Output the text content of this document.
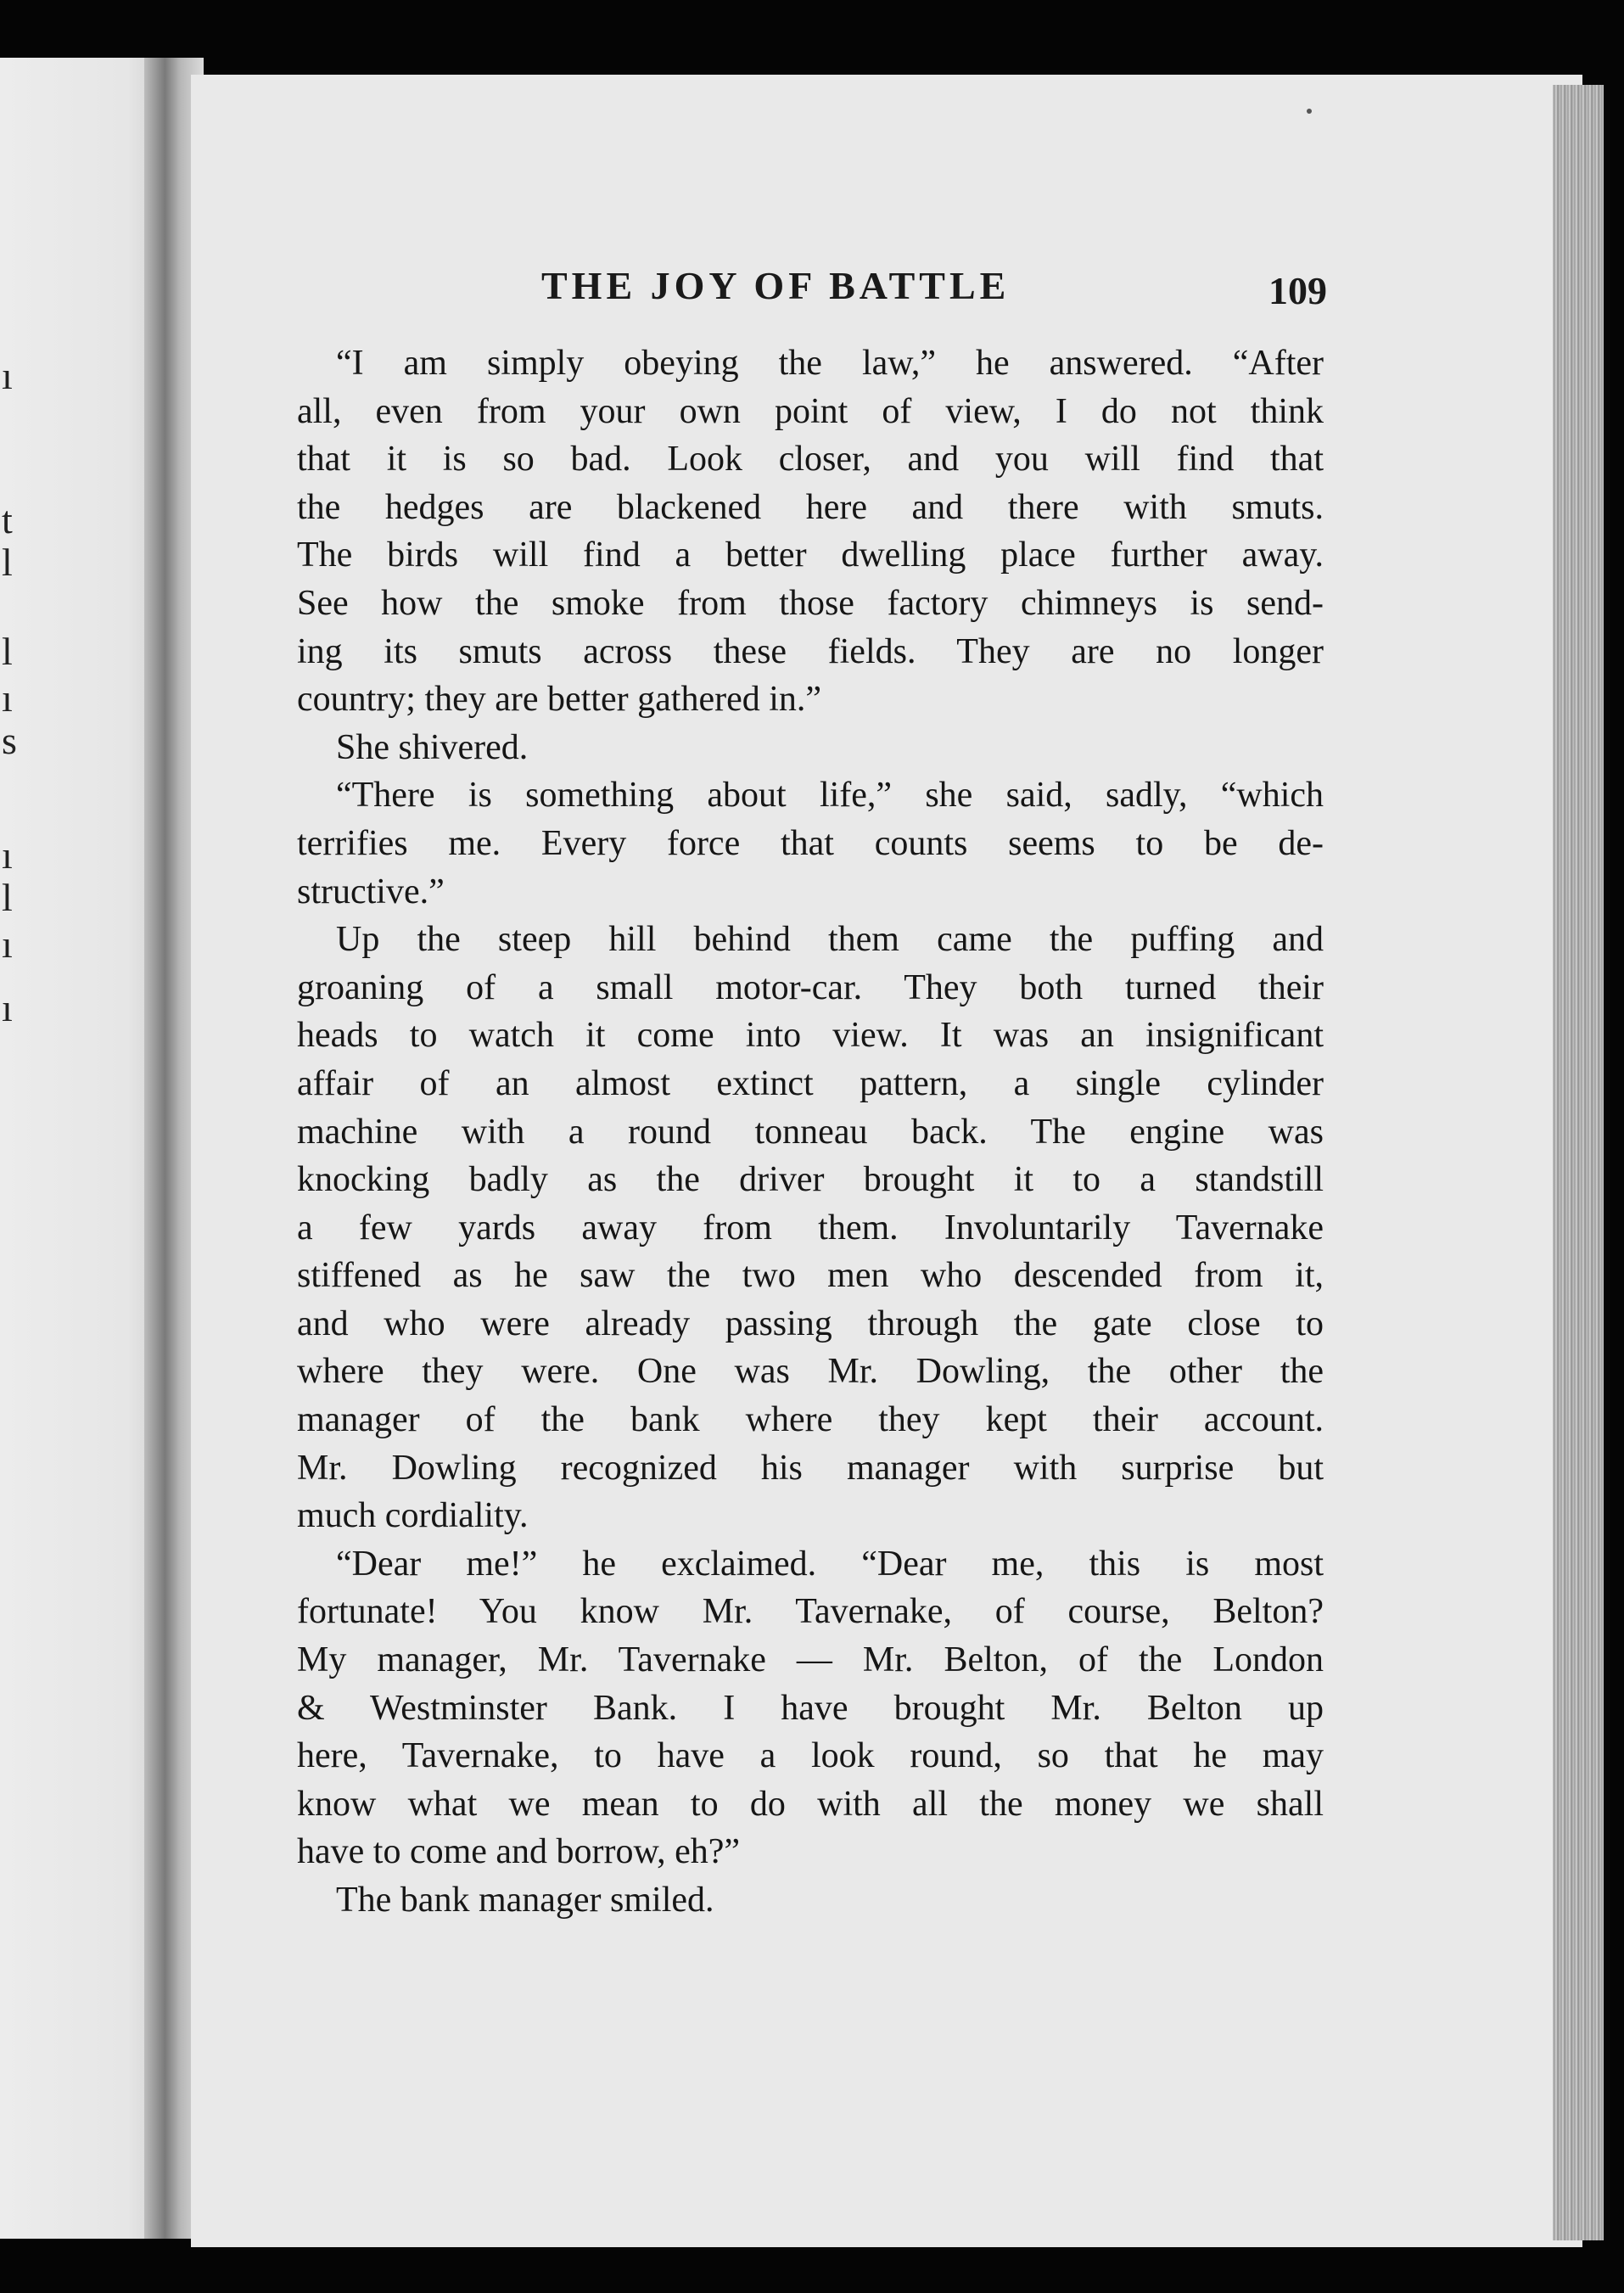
ı
t
l
l
ı
s
ı
l
ı
ı
THE JOY OF BATTLE	109
“I am simply obeying the law,” he answered. “After
all, even from your own point of view, I do not think
that it is so bad. Look closer, and you will find that
the hedges are blackened here and there with smuts.
The birds will find a better dwelling place further away.
See how the smoke from those factory chimneys is send-
ing its smuts across these fields. They are no longer
country; they are better gathered in.”
She shivered.
“There is something about life,” she said, sadly, “which
terrifies me. Every force that counts seems to be de-
structive.”
Up the steep hill behind them came the puffing and
groaning of a small motor-car. They both turned their
heads to watch it come into view. It was an insignificant
affair of an almost extinct pattern, a single cylinder
machine with a round tonneau back. The engine was
knocking badly as the driver brought it to a standstill
a few yards away from them. Involuntarily Tavernake
stiffened as he saw the two men who descended from it,
and who were already passing through the gate close to
where they were. One was Mr. Dowling, the other the
manager of the bank where they kept their account.
Mr. Dowling recognized his manager with surprise but
much cordiality.
“Dear me!” he exclaimed. “Dear me, this is most
fortunate! You know Mr. Tavernake, of course, Belton?
My manager, Mr. Tavernake — Mr. Belton, of the London
& Westminster Bank. I have brought Mr. Belton up
here, Tavernake, to have a look round, so that he may
know what we mean to do with all the money we shall
have to come and borrow, eh?”
The bank manager smiled.
